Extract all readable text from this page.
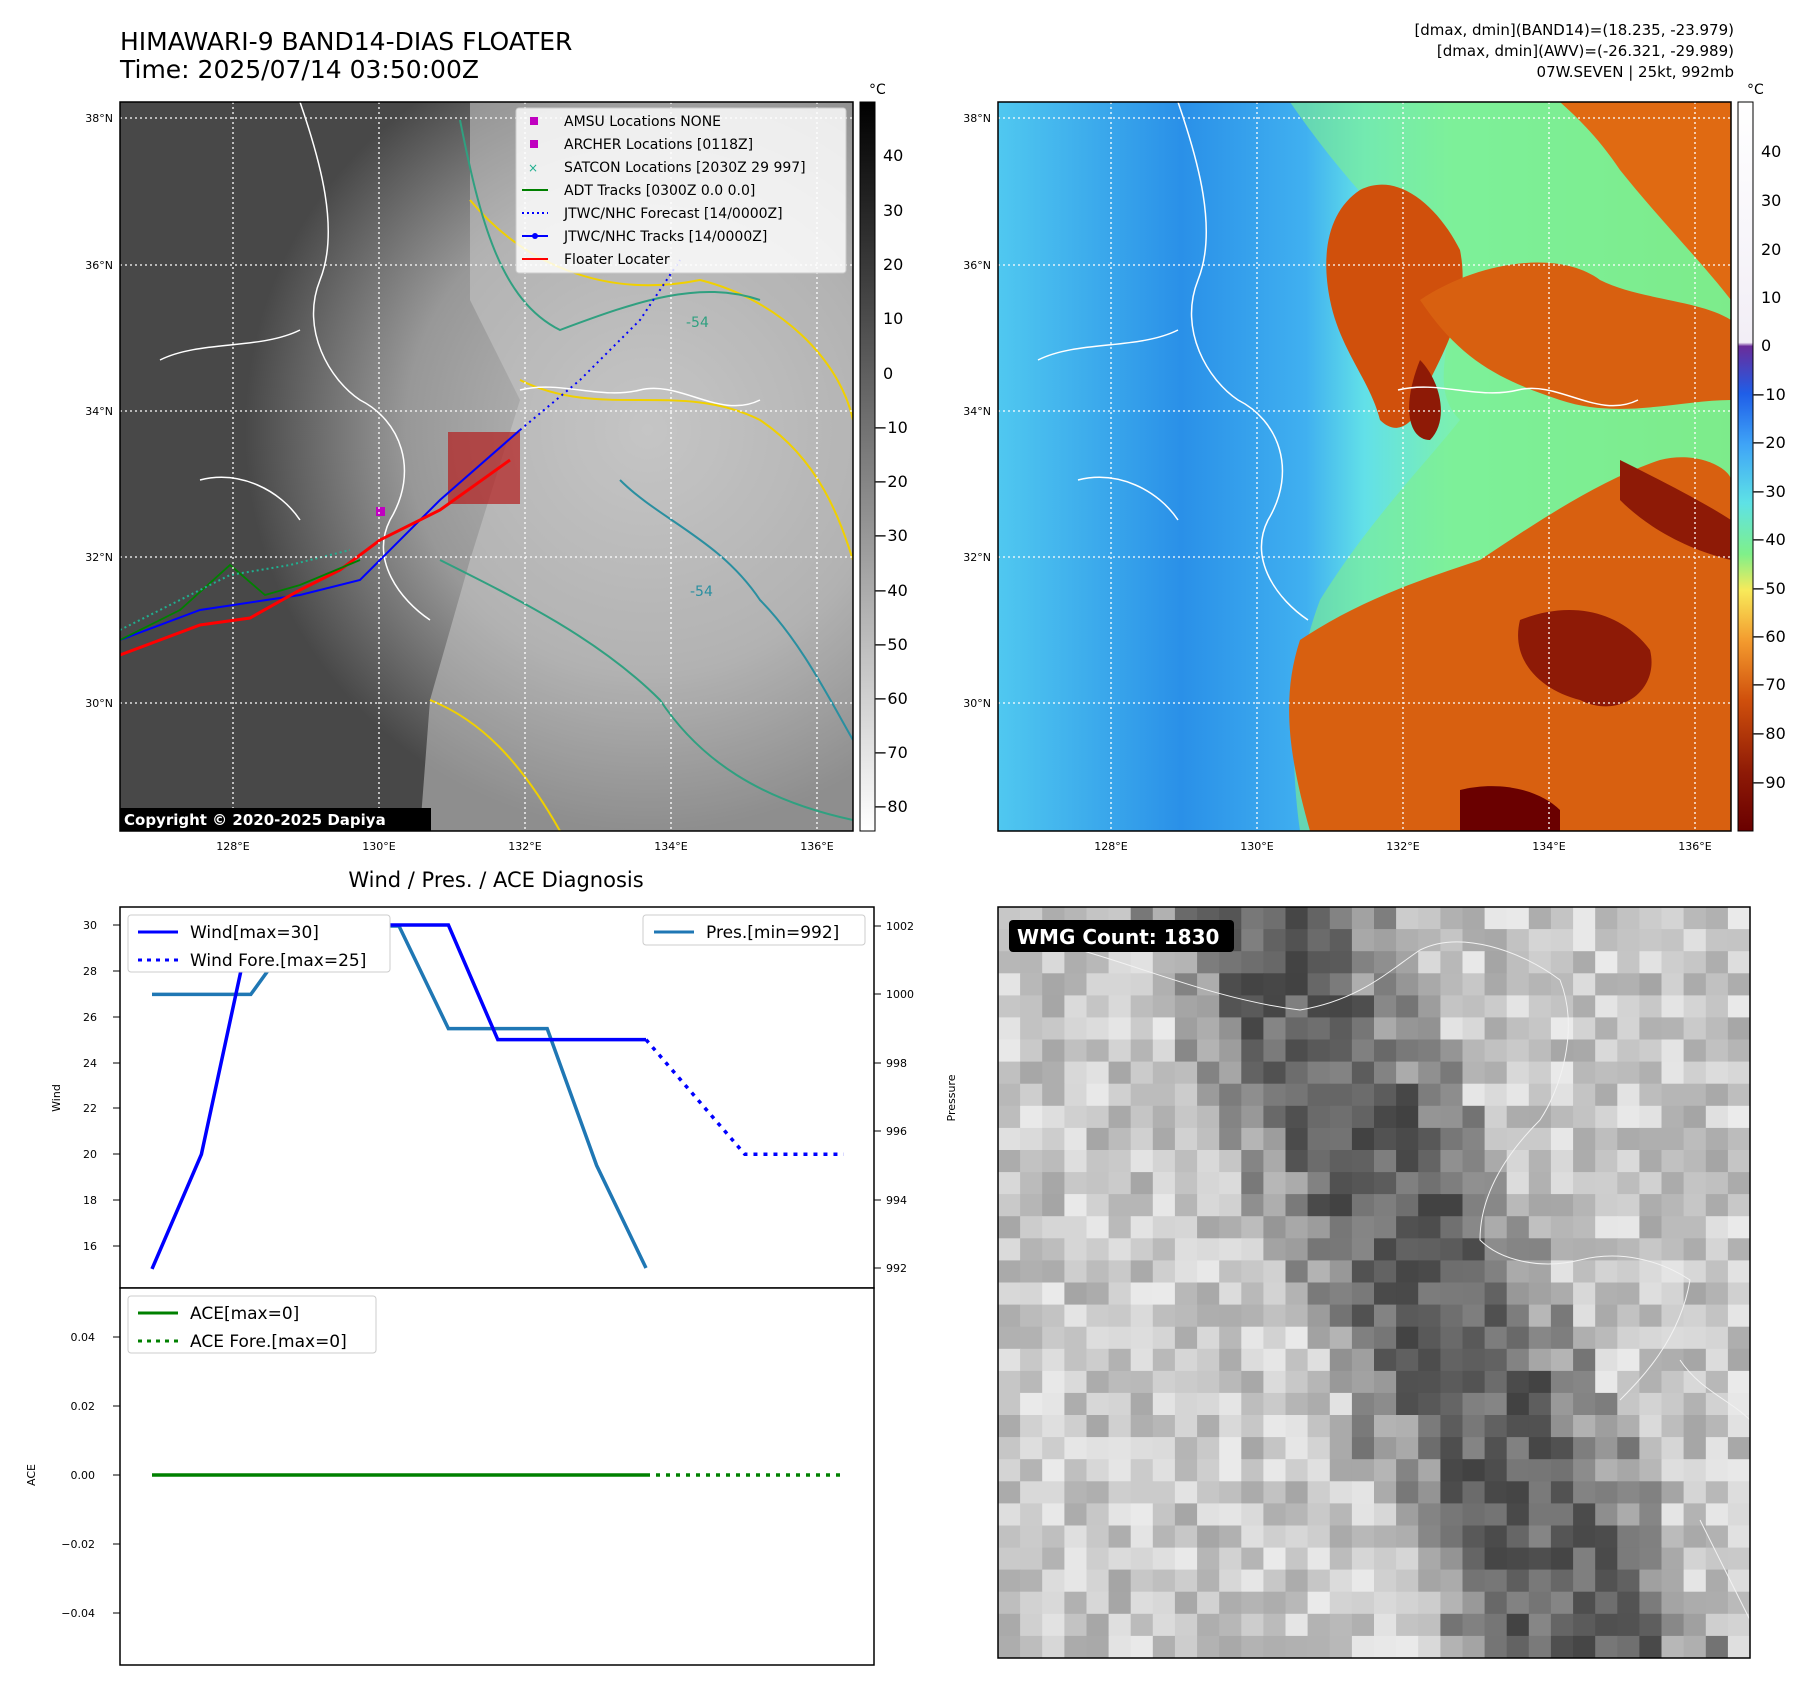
HIMAWARI-9 BAND14-DIAS FLOATER
Time: 2025/07/14 03:50:00Z
[dmax, dmin](BAND14)=(18.235, -23.979)
[dmax, dmin](AWV)=(-26.321, -29.989)
07W.SEVEN | 25kt, 992mb
-54
-54
×
AMSU Locations NONE
ARCHER Locations [0118Z]
SATCON Locations [2030Z 29 997]
ADT Tracks [0300Z 0.0 0.0]
JTWC/NHC Forecast [14/0000Z]
JTWC/NHC Tracks [14/0000Z]
Floater Locater
Copyright © 2020-2025 Dapiya
128°E	130°E	132°E	134°E	136°E
38°N
36°N
34°N
32°N
30°N
°C
40
30
20
10
0
−10
−20
−30
−40
−50
−60
−70
−80
128°E	130°E	132°E	134°E	136°E
38°N
36°N
34°N
32°N
30°N
°C
40
30
20
10
0
−10
−20
−30
−40
−50
−60
−70
−80
−90
Wind / Pres. / ACE Diagnosis
30
28
26
24
22
20
18
16
1002
1000
998
996
994
992
0.04
0.02
0.00
−0.02
−0.04
Wind	Pressure
ACE
Wind[max=30]
Wind Fore.[max=25]
Pres.[min=992]
ACE[max=0]
ACE Fore.[max=0]
WMG Count: 1830
